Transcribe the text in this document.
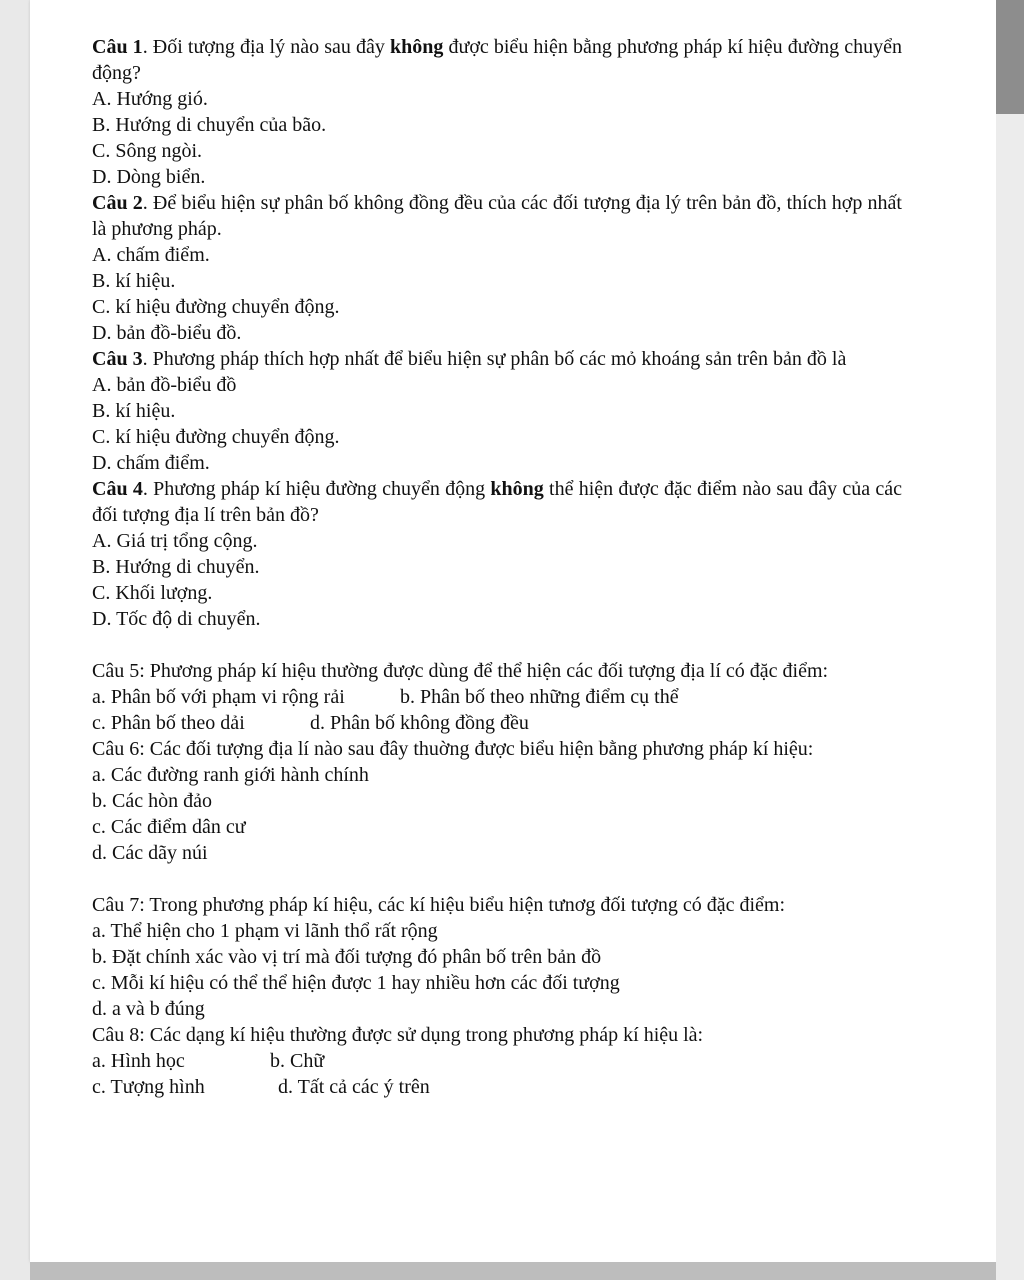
Câu 1. Đối tượng địa lý nào sau đây không được biểu hiện bằng phương pháp kí hiệu đường chuyển động?
A. Hướng gió.
B. Hướng di chuyển của bão.
C. Sông ngòi.
D. Dòng biển.
Câu 2. Để biểu hiện sự phân bố không đồng đều của các đối tượng địa lý trên bản đồ, thích hợp nhất là phương pháp.
A. chấm điểm.
B. kí hiệu.
C. kí hiệu đường chuyển động.
D. bản đồ-biểu đồ.
Câu 3. Phương pháp thích hợp nhất để biểu hiện sự phân bố các mỏ khoáng sản trên bản đồ là
A. bản đồ-biểu đồ
B. kí hiệu.
C. kí hiệu đường chuyển động.
D. chấm điểm.
Câu 4. Phương pháp kí hiệu đường chuyển động không thể hiện được đặc điểm nào sau đây của các đối tượng địa lí trên bản đồ?
A. Giá trị tổng cộng.
B. Hướng di chuyển.
C. Khối lượng.
D. Tốc độ di chuyển.
Câu 5: Phương pháp kí hiệu thường được dùng để thể hiện các đối tượng địa lí có đặc điểm:
a. Phân bố với phạm vi rộng rải	b. Phân bố theo những điểm cụ thể
c. Phân bố theo dải	d. Phân bố không đồng đều
Câu 6: Các đối tượng địa lí nào sau đây thuờng được biểu hiện bằng phương pháp kí hiệu:
a. Các đường ranh giới hành chính
b. Các hòn đảo
c. Các điểm dân cư
d. Các dãy núi
Câu 7: Trong phương pháp kí hiệu, các kí hiệu biểu hiện tưnơg đối tượng có đặc điểm:
a. Thể hiện cho 1 phạm vi lãnh thổ rất rộng
b. Đặt chính xác vào vị trí mà đối tượng đó phân bố trên bản đồ
c. Mỗi kí hiệu có thể thể hiện được 1 hay nhiều hơn các đối tượng
d. a và b đúng
Câu 8: Các dạng kí hiệu thường được sử dụng trong phương pháp kí hiệu là:
a. Hình học	b. Chữ
c. Tượng hình	d. Tất cả các ý trên
